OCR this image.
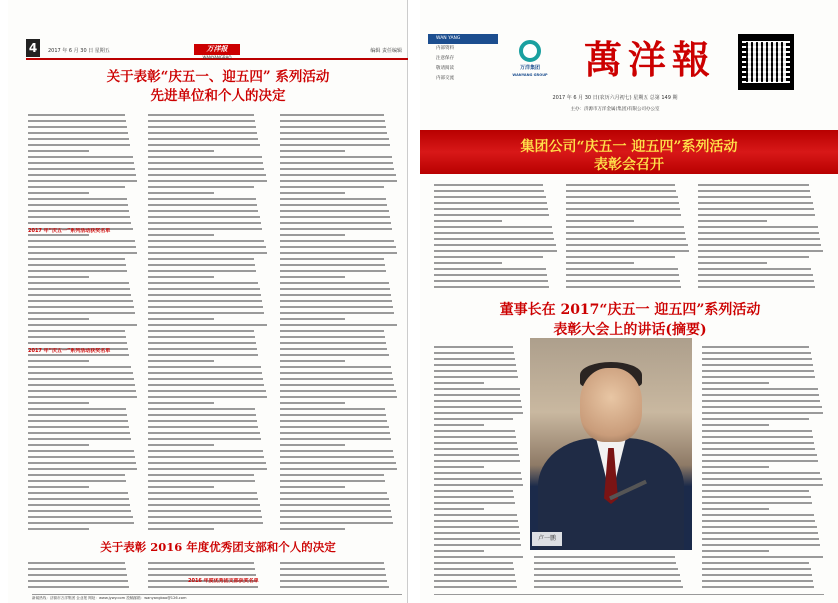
4	2017 年 6 月 30 日 星期五	万洋报
WANYANGBAO
编辑 责任编辑
关于表彰“庆五一、迎五四” 系列活动
先进单位和个人的决定
2017 年“庆五一”系列活动获奖名单
2017 年“庆五一”系列活动获奖名单
关于表彰 2016 年度优秀团支部和个人的决定
2016 年度优秀团支部获奖名单
新闻热线：济源市万洋集团 企业报 网址：www.jywy.com 投稿邮箱：wanyangbao@126.com
WAN YANG
内部资料
注意保存
敬请阅读
内部交流
万洋集团
WANYANG GROUP 萬洋報
2017 年 6 月 30 日(农历六月初七) 星期五 总第 149 期
主办：济源市万洋金属(集团)有限公司办公室
集团公司“庆五一 迎五四”系列活动
表彰会召开
董事长在 2017“庆五一 迎五四”系列活动
表彰大会上的讲话(摘要)
卢一鹏
